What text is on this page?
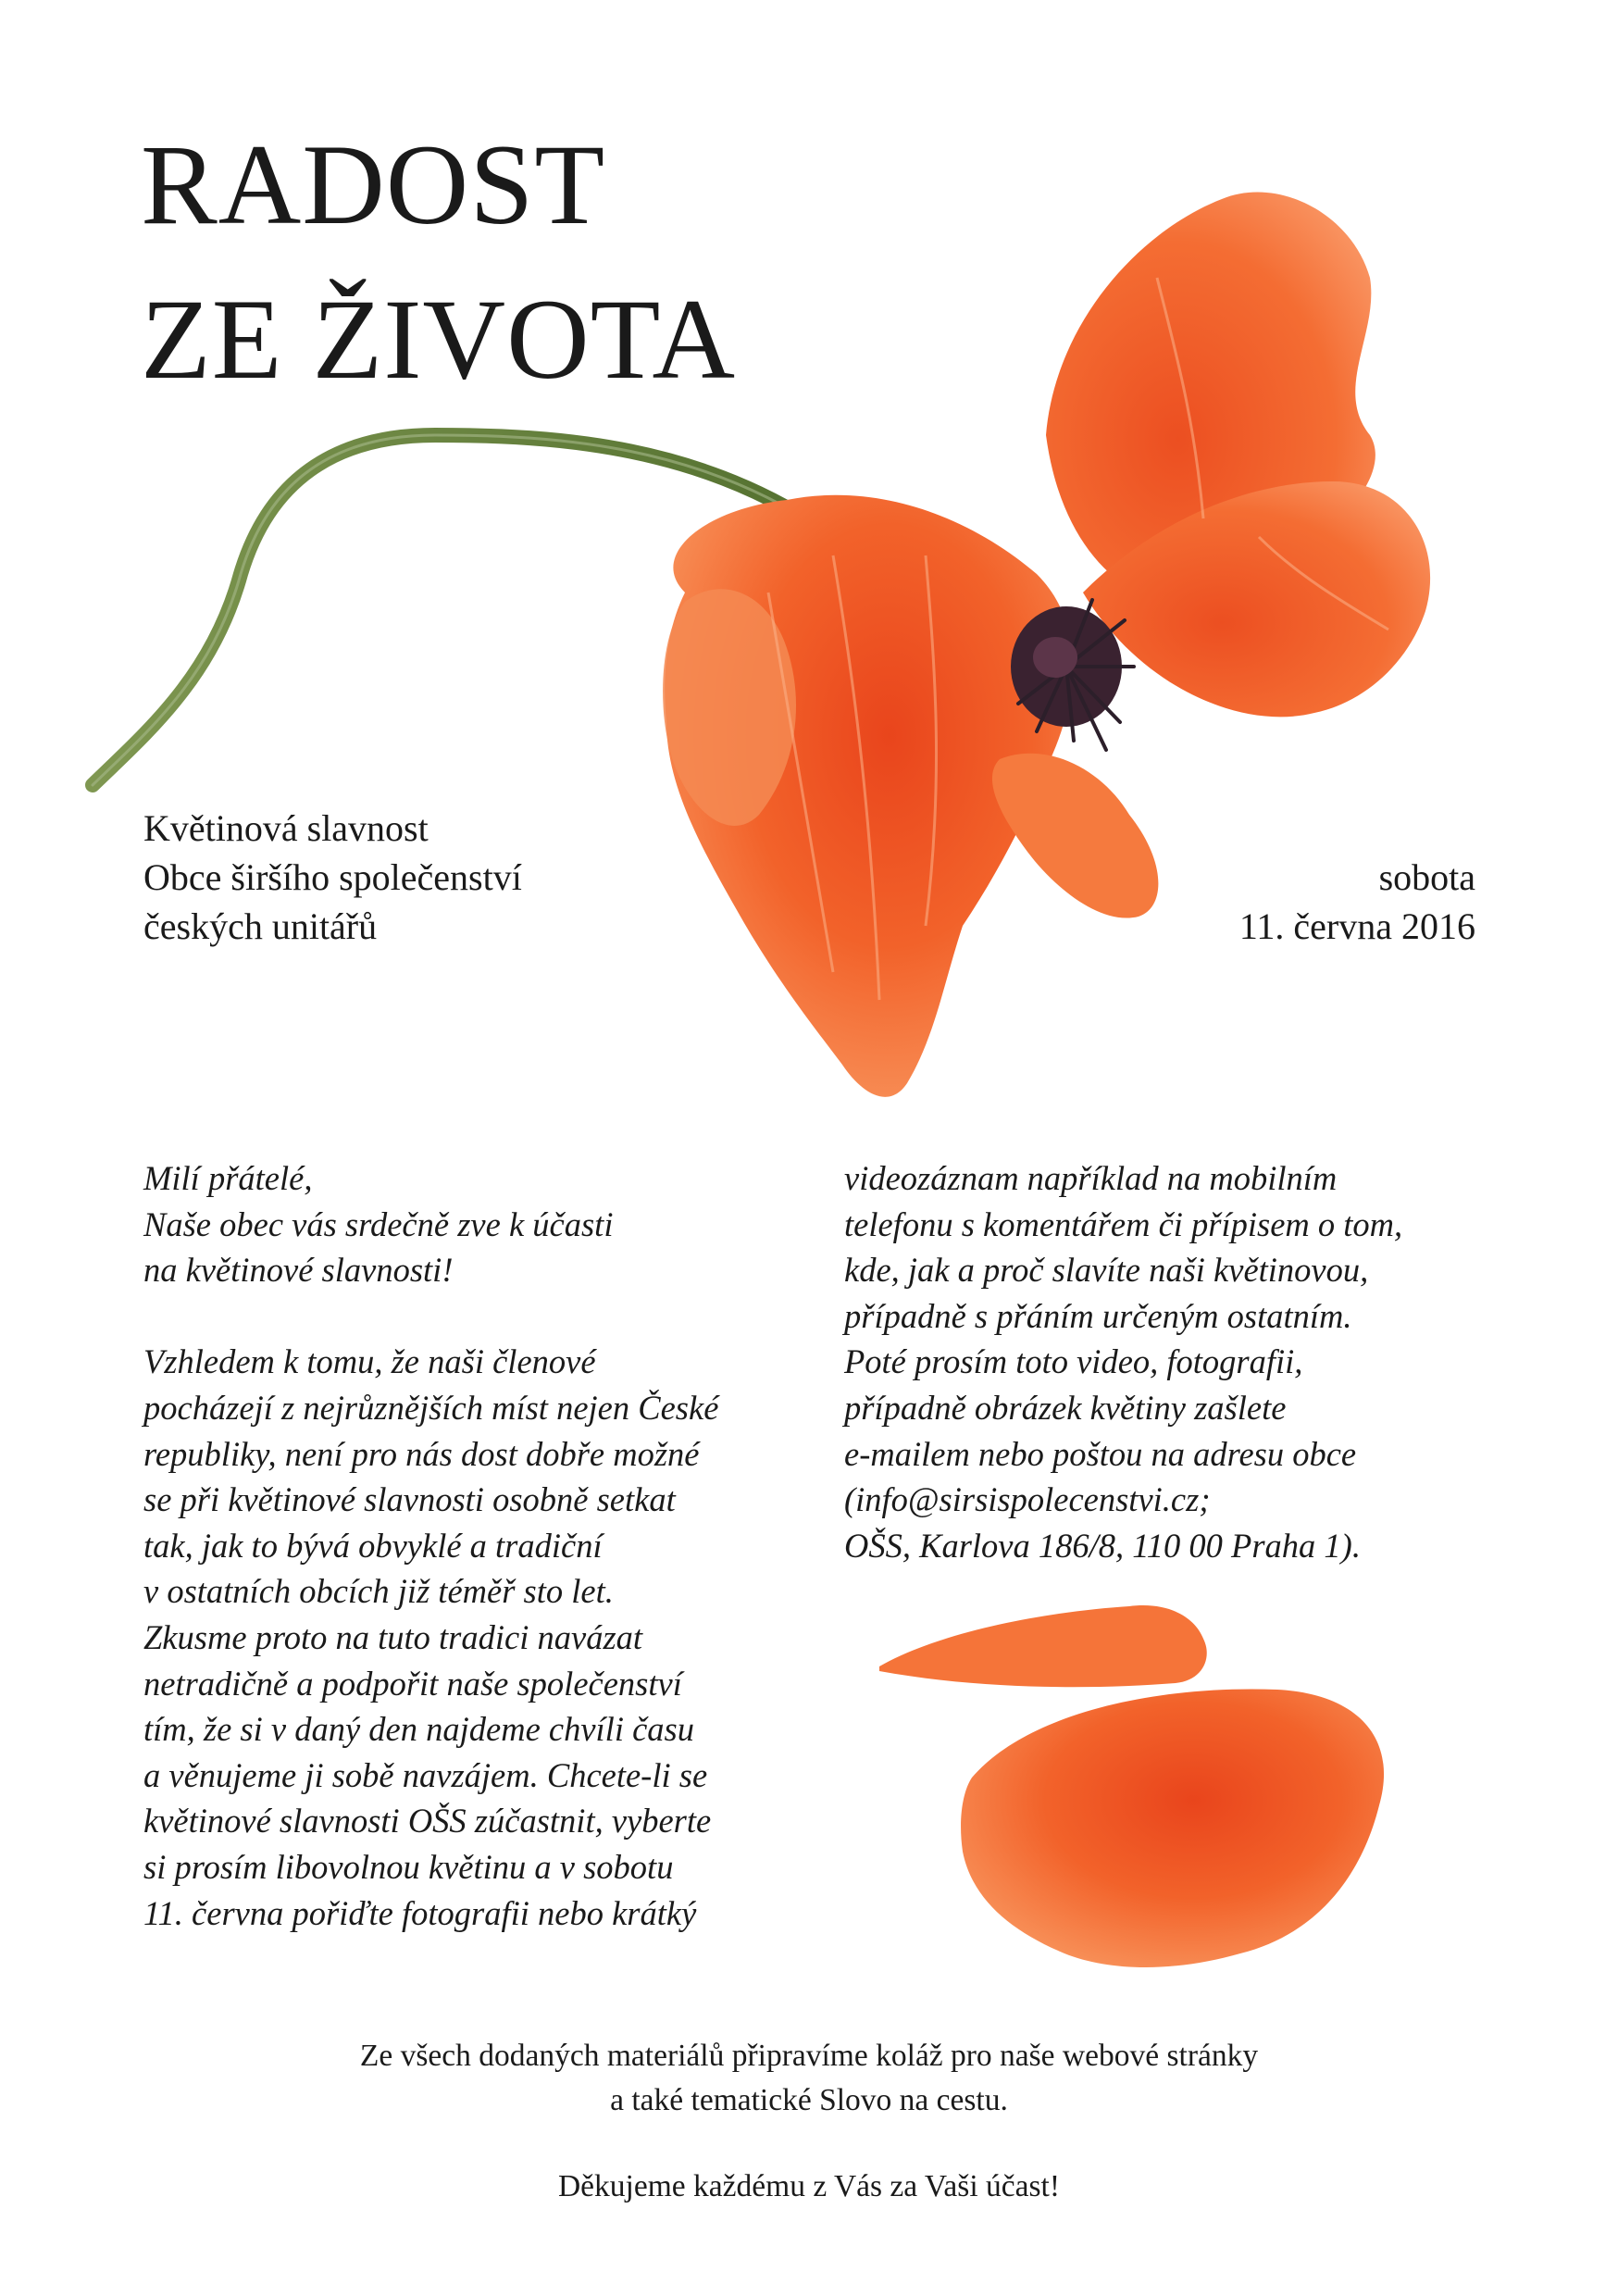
RADOST
ZE ŽIVOTA
Květinová slavnost
Obce širšího společenství
českých unitářů
sobota
11. června 2016
Milí přátelé,
Naše obec vás srdečně zve k účasti
na květinové slavnosti!
Vzhledem k tomu, že naši členové
pocházejí z nejrůznějších míst nejen České
republiky, není pro nás dost dobře možné
se při květinové slavnosti osobně setkat
tak, jak to bývá obvyklé a tradiční
v ostatních obcích již téměř sto let.
Zkusme proto na tuto tradici navázat
netradičně a podpořit naše společenství
tím, že si v daný den najdeme chvíli času
a věnujeme ji sobě navzájem. Chcete-li se
květinové slavnosti OŠS zúčastnit, vyberte
si prosím libovolnou květinu a v sobotu
11. června pořiďte fotografii nebo krátký
videozáznam například na mobilním
telefonu s komentářem či přípisem o tom,
kde, jak a proč slavíte naši květinovou,
případně s přáním určeným ostatním.
Poté prosím toto video, fotografii,
případně obrázek květiny zašlete
e-mailem nebo poštou na adresu obce
(info@sirsispolecenstvi.cz;
OŠS, Karlova 186/8, 110 00 Praha 1).
Ze všech dodaných materiálů připravíme koláž pro naše webové stránky
a také tematické Slovo na cestu.
Děkujeme každému z Vás za Vaši účast!
